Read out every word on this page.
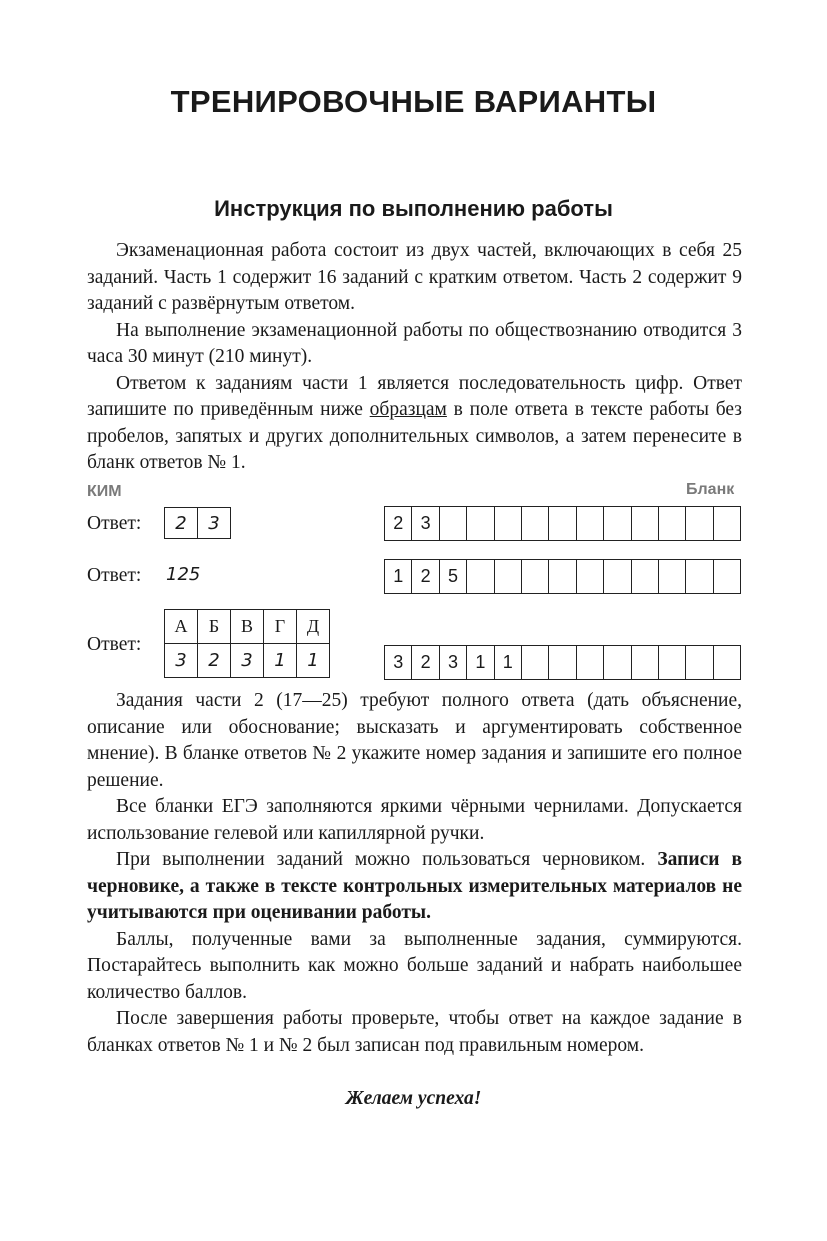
ТРЕНИРОВОЧНЫЕ ВАРИАНТЫ
Инструкция по выполнению работы

Экзаменационная работа состоит из двух частей, включающих в себя 25 заданий. Часть 1 содержит 16 заданий с кратким ответом. Часть 2 содержит 9 заданий с развёрнутым ответом.

На выполнение экзаменационной работы по обществознанию отводится 3 часа 30 минут (210 минут).

Ответом к заданиям части 1 является последовательность цифр. Ответ запишите по приведённым ниже образцам в поле ответа в тексте работы без пробелов, запятых и других дополнительных символов, а затем перенесите в бланк ответов № 1.

КИМ	Бланк
Ответ: 2	3	2 3
Ответ: 125	1 2 5
Ответ:
А	Б	В	Г	Д
3	2	3	1	1	3 2 3 1 1

Задания части 2 (17—25) требуют полного ответа (дать объяснение, описание или обоснование; высказать и аргументировать собственное мнение). В бланке ответов № 2 укажите номер задания и запишите его полное решение.

Все бланки ЕГЭ заполняются яркими чёрными чернилами. Допускается использование гелевой или капиллярной ручки.

При выполнении заданий можно пользоваться черновиком. Записи в черновике, а также в тексте контрольных измерительных материалов не учитываются при оценивании работы.

Баллы, полученные вами за выполненные задания, суммируются. Постарайтесь выполнить как можно больше заданий и набрать наибольшее количество баллов.

После завершения работы проверьте, чтобы ответ на каждое задание в бланках ответов № 1 и № 2 был записан под правильным номером.

Желаем успеха!
